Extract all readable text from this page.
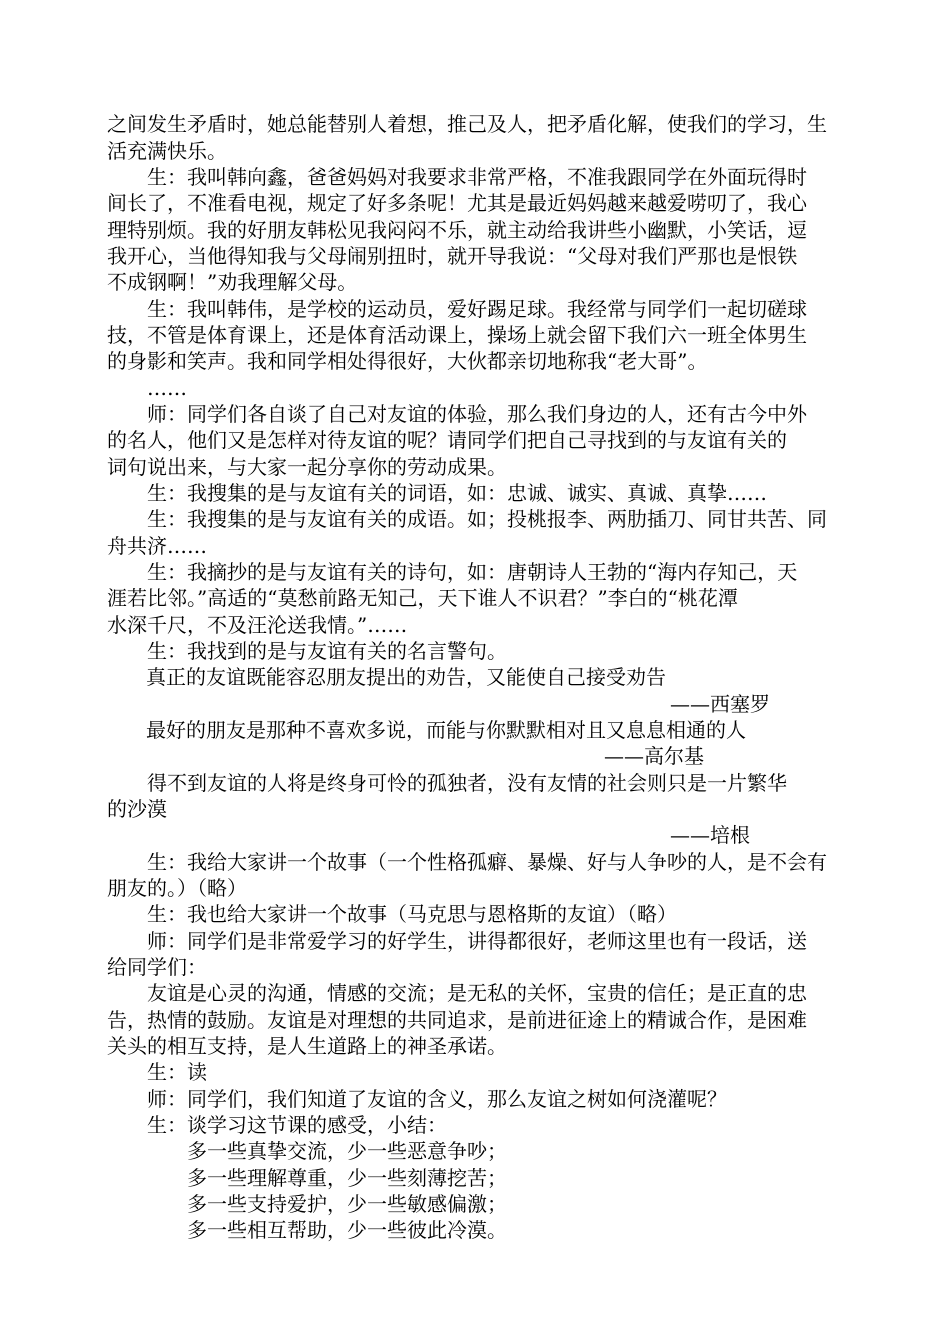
之间发生矛盾时，她总能替别人着想，推己及人，把矛盾化解，使我们的学习，生
活充满快乐。
生：我叫韩向鑫，爸爸妈妈对我要求非常严格，不准我跟同学在外面玩得时
间长了，不准看电视，规定了好多条呢！尤其是最近妈妈越来越爱唠叨了，我心
理特别烦。我的好朋友韩松见我闷闷不乐，就主动给我讲些小幽默，小笑话，逗
我开心，当他得知我与父母闹别扭时，就开导我说：“父母对我们严那也是恨铁
不成钢啊！”劝我理解父母。
生：我叫韩伟，是学校的运动员，爱好踢足球。我经常与同学们一起切磋球
技，不管是体育课上，还是体育活动课上，操场上就会留下我们六一班全体男生
的身影和笑声。我和同学相处得很好，大伙都亲切地称我“老大哥”。
……
师：同学们各自谈了自己对友谊的体验，那么我们身边的人，还有古今中外
的名人，他们又是怎样对待友谊的呢？请同学们把自己寻找到的与友谊有关的
词句说出来，与大家一起分享你的劳动成果。
生：我搜集的是与友谊有关的词语，如：忠诚、诚实、真诚、真挚……
生：我搜集的是与友谊有关的成语。如；投桃报李、两肋插刀、同甘共苦、同
舟共济……
生：我摘抄的是与友谊有关的诗句，如：唐朝诗人王勃的“海内存知己，天
涯若比邻。”高适的“莫愁前路无知己，天下谁人不识君？”李白的“桃花潭
水深千尺，不及汪沦送我情。”……
生：我找到的是与友谊有关的名言警句。
真正的友谊既能容忍朋友提出的劝告，又能使自己接受劝告
——西塞罗
最好的朋友是那种不喜欢多说，而能与你默默相对且又息息相通的人
——高尔基
得不到友谊的人将是终身可怜的孤独者，没有友情的社会则只是一片繁华
的沙漠
——培根
生：我给大家讲一个故事（一个性格孤癖、暴燥、好与人争吵的人，是不会有
朋友的。）（略）
生：我也给大家讲一个故事（马克思与恩格斯的友谊）（略）
师：同学们是非常爱学习的好学生，讲得都很好，老师这里也有一段话，送
给同学们：
友谊是心灵的沟通，情感的交流；是无私的关怀，宝贵的信任；是正直的忠
告，热情的鼓励。友谊是对理想的共同追求，是前进征途上的精诚合作，是困难
关头的相互支持，是人生道路上的神圣承诺。
生：读
师：同学们，我们知道了友谊的含义，那么友谊之树如何浇灌呢？
生：谈学习这节课的感受，小结：
多一些真挚交流，少一些恶意争吵；
多一些理解尊重，少一些刻薄挖苦；
多一些支持爱护，少一些敏感偏激；
多一些相互帮助，少一些彼此冷漠。
